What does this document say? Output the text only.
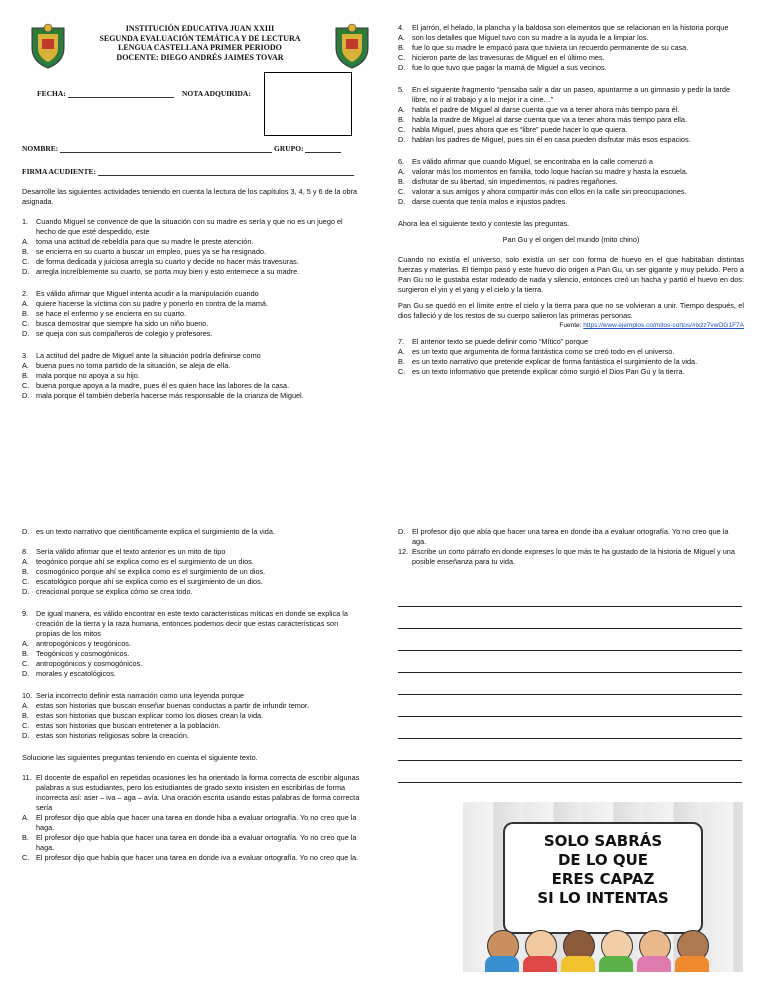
INSTITUCIÓN EDUCATIVA JUAN XXIII
SEGUNDA EVALUACIÓN TEMÁTICA Y DE LECTURA
LENGUA CASTELLANA PRIMER PERIODO
DOCENTE: DIEGO ANDRÉS JAIMES TOVAR
FECHA:	NOTA ADQUIRIDA:
NOMBRE:	GRUPO:
FIRMA ACUDIENTE:

Desarrolle las siguientes actividades teniendo en cuenta la lectura de los capítulos 3, 4, 5 y 6 de la obra asignada.

1.	Cuando Miguel se convence de que la situación con su madre es sería y que no es un juego el hecho de que esté despedido, este
A. toma una actitud de rebeldía para que su madre le preste atención.
B. se encierra en su cuarto a buscar un empleo, pues ya se ha resignado.
C. de forma dedicada y juiciosa arregla su cuarto y decide no hacer más travesuras.
D. arregla increíblemente su cuarto, se porta muy bien y esto enternece a su madre.
2.	Es válido afirmar que Miguel intenta acudir a la manipulación cuando
A. quiere hacerse la víctima con su padre y ponerlo en contra de la mamá.
B. se hace el enfermo y se encierra en su cuarto.
C. busca demostrar que siempre ha sido un niño bueno.
D. se queja con sus compañeros de colegio y profesores.
3.	La actitud del padre de Miguel ante la situación podría definirse como
A. buena pues no toma partido de la situación, se aleja de ella.
B. mala porque no apoya a su hijo.
C. buena porque apoya a la madre, pues él es quien hace las labores de la casa.
D. mala porque él también debería hacerse más responsable de la crianza de Miguel.
4.	El jarrón, el helado, la plancha y la baldosa son elementos que se relacionan en la historia porque
A. son los detalles que Miguel tuvo con su madre a la ayuda le a limpiar los.
B. fue lo que su madre le empacó para que tuviera un recuerdo permanente de su casa.
C. hicieron parte de las travesuras de Miguel en el último mes.
D. fue lo que tuvo que pagar la mamá de Miguel a sus vecinos.
5.	En el siguiente fragmento “pensaba salir a dar un paseo, apuntarme a un gimnasio y pedir la tarde libre, no ir al trabajo y a lo mejor ir a cine…”
A. habla el padre de Miguel al darse cuenta que va a tener ahora más tiempo para él.
B. habla la madre de Miguel al darse cuenta que va a tener ahora más tiempo para ella.
C. habla Miguel, pues ahora que es “libre” puede hacer lo que quiera.
D. hablan los padres de Miguel, pues sin él en casa pueden disfrutar más esos espacios.
6.	Es válido afirmar que cuando Miguel, se encontraba en la calle comenzó a
A. valorar más los momentos en familia, todo loque hacían su madre y hasta la escuela.
B. disfrutar de su libertad, sin impedimentos, ni padres regañones.
C. valorar a sus amigos y ahora compartir más con ellos en la calle sin preocupaciones.
D. darse cuenta que tenía malos e injustos padres.

Ahora lea el siguiente texto y conteste las preguntas.

Pan Gu y el origen del mundo (mito chino)

Cuando no existía el universo, solo existía un ser con forma de huevo en el que habitaban distintas fuerzas y materias. El tiempo pasó y este huevo dio origen a Pan Gu, un ser gigante y muy peludo. Pero a Pan Gu no le gustaba estar rodeado de nada y silencio, entonces creó un hacha y partió el huevo en dos: surgieron el yin y el yang y el cielo y la tierra.

Pan Gu se quedó en el límite entre el cielo y la tierra para que no se volvieran a unir. Tiempo después, el dios falleció y de los restos de su cuerpo salieron las primeras personas.

Fuente: https://www.ejemplos.co/mitos-cortos/#ixzz7vwOG1F7A

7.	El anterior texto se puede definir como “Mítico” porque
A. es un texto que argumenta de forma fantástica como se creó todo en el universo.
B. es un texto narrativo que pretende explicar de forma fantástica el surgimiento de la vida.
C. es un texto informativo que pretende explicar cómo surgió el Dios Pan Gu y la tierra.
D. es un texto narrativo que científicamente explica el surgimiento de la vida.
8.	Sería válido afirmar que el texto anterior es un mito de tipo
A. teogónico porque ahí se explica como es el surgimiento de un dios.
B. cosmogónico porque ahí se explica como es el surgimiento de un dios.
C. escatológico porque ahí se explica como es el surgimiento de un dios.
D. creacional porque se explica cómo se crea todo.
9.	De igual manera, es válido encontrar en este texto características míticas en donde se explica la creación de la tierra y la raza humana, entonces podemos decir que estas características son propias de los mitos
A. antropogónicos y teogónicos.
B. Teogónicos y cosmogónicos.
C. antropogónicos y cosmogónicos.
D. morales y escatológicos.
10. Sería incorrecto definir esta narración como una leyenda porque
A. estas son historias que buscan enseñar buenas conductas a partir de infundir temor.
B. estas son historias que buscan explicar como los dioses crean la vida.
C. estas son historias que buscan entretener a la población.
D. estas son historias religiosas sobre la creación.

Solucione las siguientes preguntas teniendo en cuenta el siguiente texto.

11. El docente de español en repetidas ocasiones les ha orientado la forma correcta de escribir algunas palabras a sus estudiantes, pero los estudiantes de grado sexto insisten en escribirlas de forma incorrecta así: aser – iva – aga – avía. Una oración escrita usando estas palabras de forma correcta sería
A. El profesor dijo que abía que hacer una tarea en donde hiba a evaluar ortografía. Yo no creo que la haga.
B. El profesor dijo que había que hacer una tarea en donde iba a evaluar ortografía. Yo no creo que la haga.
C. El profesor dijo que había que hacer una tarea en donde iva a evaluar ortografía. Yo no creo que la.
D. El profesor dijo que abía que hacer una tarea en donde iba a evaluar ortografía. Yo no creo que la aga.
12. Escribe un corto párrafo en donde expreses lo que más te ha gustado de la historia de Miguel y una posible enseñanza para tu vida.
SOLO SABRÁS
DE LO QUE
ERES CAPAZ
SI LO INTENTAS
